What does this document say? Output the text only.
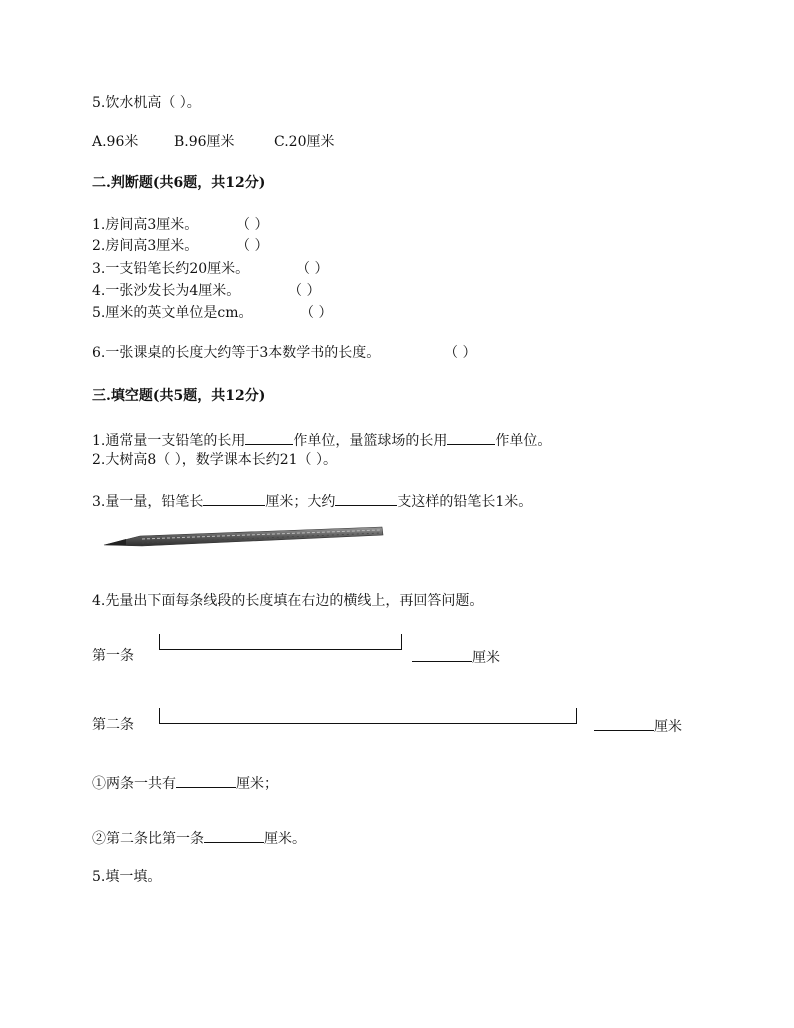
5.饮水机高（ ）。
A.96米	B.96厘米	C.20厘米
二.判断题(共6题，共12分)
1.房间高3厘米。	（ ）
2.房间高3厘米。	（ ）
3.一支铅笔长约20厘米。	（ ）
4.一张沙发长为4厘米。	（ ）
5.厘米的英文单位是cm。	（ ）
6.一张课桌的长度大约等于3本数学书的长度。	（ ）
三.填空题(共5题，共12分)
1.通常量一支铅笔的长用	作单位，量篮球场的长用	作单位。
2.大树高8（ ），数学课本长约21（ ）。
3.量一量，铅笔长	厘米；大约	支这样的铅笔长1米。
4.先量出下面每条线段的长度填在右边的横线上，再回答问题。
第一条	厘米
第二条	厘米
①两条一共有	厘米；
②第二条比第一条	厘米。
5.填一填。
